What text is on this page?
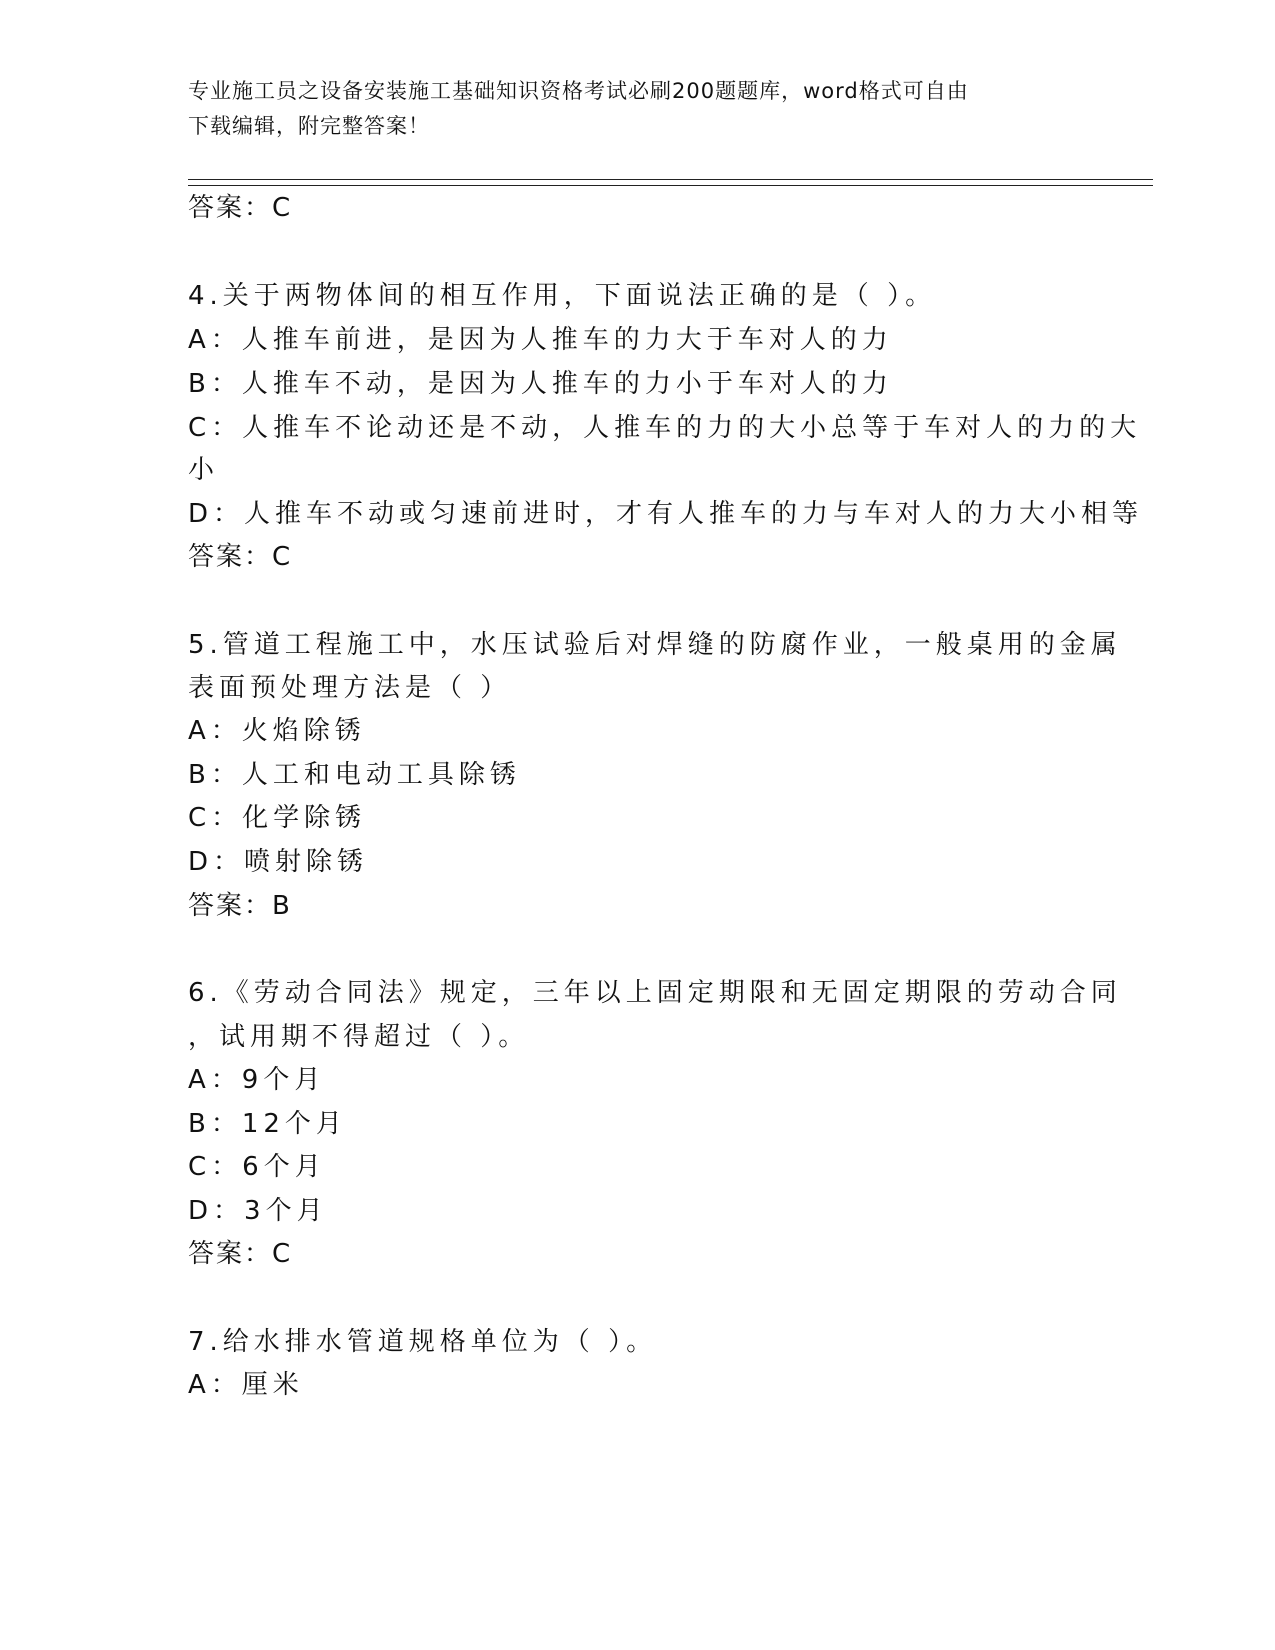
专业施工员之设备安装施工基础知识资格考试必刷200题题库，word格式可自由
下载编辑，附完整答案！
答案：C
4.关于两物体间的相互作用，下面说法正确的是（ ）。
A：人推车前进，是因为人推车的力大于车对人的力
B：人推车不动，是因为人推车的力小于车对人的力
C：人推车不论动还是不动，人推车的力的大小总等于车对人的力的大
小
D：人推车不动或匀速前进时，才有人推车的力与车对人的力大小相等
答案：C
5.管道工程施工中，水压试验后对焊缝的防腐作业，一般桌用的金属
表面预处理方法是（ ）
A：火焰除锈
B：人工和电动工具除锈
C：化学除锈
D：喷射除锈
答案：B
6.《劳动合同法》规定，三年以上固定期限和无固定期限的劳动合同
，试用期不得超过（ ）。
A：9个月
B：12个月
C：6个月
D：3个月
答案：C
7.给水排水管道规格单位为（ ）。
A：厘米
